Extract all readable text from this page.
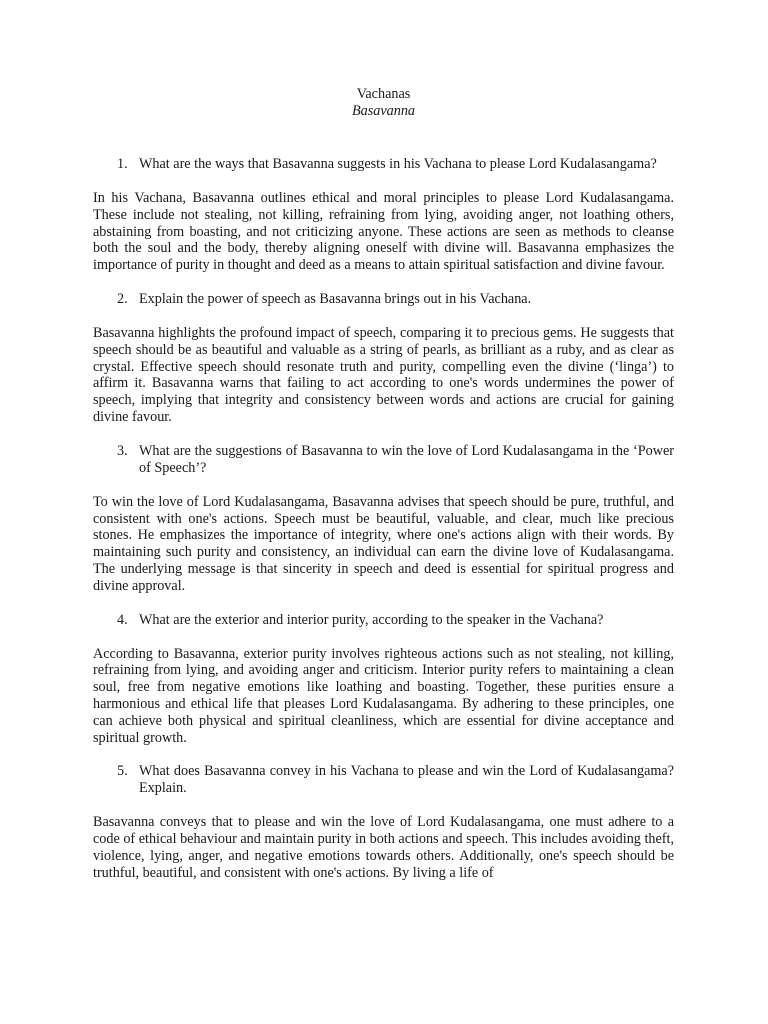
Vachanas
Basavanna
1. What are the ways that Basavanna suggests in his Vachana to please Lord Kudalasangama?

In his Vachana, Basavanna outlines ethical and moral principles to please Lord Kudalasangama. These include not stealing, not killing, refraining from lying, avoiding anger, not loathing others, abstaining from boasting, and not criticizing anyone. These actions are seen as methods to cleanse both the soul and the body, thereby aligning oneself with divine will. Basavanna emphasizes the importance of purity in thought and deed as a means to attain spiritual satisfaction and divine favour.

2. Explain the power of speech as Basavanna brings out in his Vachana.

Basavanna highlights the profound impact of speech, comparing it to precious gems. He suggests that speech should be as beautiful and valuable as a string of pearls, as brilliant as a ruby, and as clear as crystal. Effective speech should resonate truth and purity, compelling even the divine (‘linga’) to affirm it. Basavanna warns that failing to act according to one's words undermines the power of speech, implying that integrity and consistency between words and actions are crucial for gaining divine favour.

3. What are the suggestions of Basavanna to win the love of Lord Kudalasangama in the ‘Power of Speech’?

To win the love of Lord Kudalasangama, Basavanna advises that speech should be pure, truthful, and consistent with one's actions. Speech must be beautiful, valuable, and clear, much like precious stones. He emphasizes the importance of integrity, where one's actions align with their words. By maintaining such purity and consistency, an individual can earn the divine love of Kudalasangama. The underlying message is that sincerity in speech and deed is essential for spiritual progress and divine approval.

4. What are the exterior and interior purity, according to the speaker in the Vachana?

According to Basavanna, exterior purity involves righteous actions such as not stealing, not killing, refraining from lying, and avoiding anger and criticism. Interior purity refers to maintaining a clean soul, free from negative emotions like loathing and boasting. Together, these purities ensure a harmonious and ethical life that pleases Lord Kudalasangama. By adhering to these principles, one can achieve both physical and spiritual cleanliness, which are essential for divine acceptance and spiritual growth.

5. What does Basavanna convey in his Vachana to please and win the Lord of Kudalasangama? Explain.

Basavanna conveys that to please and win the love of Lord Kudalasangama, one must adhere to a code of ethical behaviour and maintain purity in both actions and speech. This includes avoiding theft, violence, lying, anger, and negative emotions towards others. Additionally, one's speech should be truthful, beautiful, and consistent with one's actions. By living a life of
